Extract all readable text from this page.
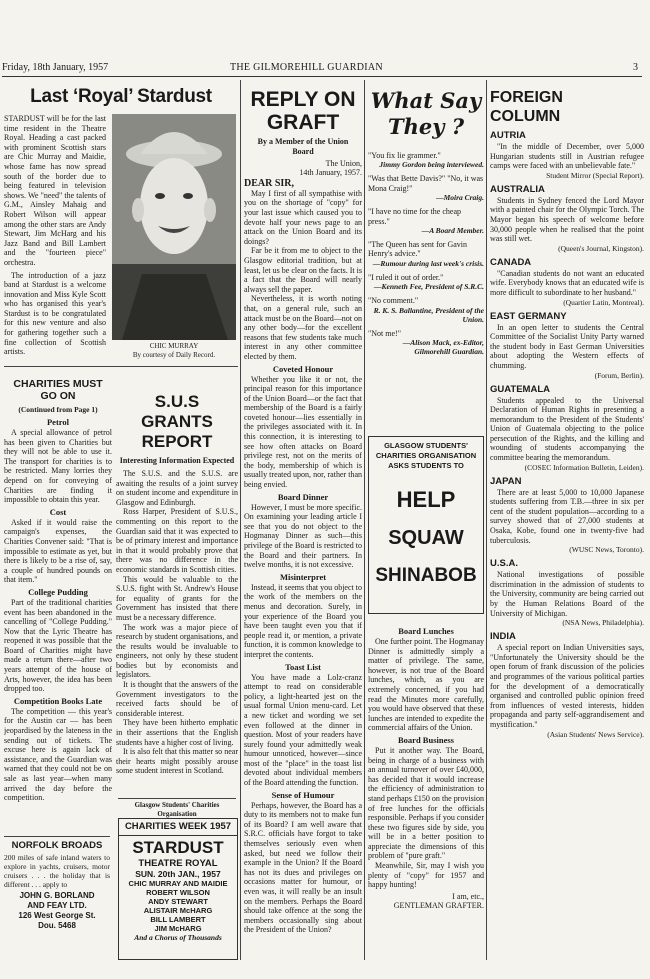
Friday, 18th January, 1957	THE GILMOREHILL GUARDIAN	3
Last ‘Royal’ Stardust

STARDUST will be for the last time resident in the Theatre Royal. Heading a cast packed with prominent Scottish stars are Chic Murray and Maidie, whose fame has now spread south of the border due to being featured in television shows. We "need" the talents of G.M., Ainsley Mahaig and Robert Wilson will appear among the other stars are Andy Stewart, Jim McHarg and his Jazz Band and Bill Lambert and the "fourteen piece" orchestra.

The introduction of a jazz band at Stardust is a welcome innovation and Miss Kyle Scott who has organised this year's Stardust is to be congratulated for this new venture and also for gathering together such a fine collection of Scottish artists.

CHIC MURRAY
By courtesy of Daily Record.
CHARITIES MUST
GO ON
(Continued from Page 1)
Petrol

A special allowance of petrol has been given to Charities but they will not be able to use it. The transport for charities is to be restricted. Many lorries they depend on for conveying of Charities are finding it impossible to obtain this year.

Cost

Asked if it would raise the campaign's expenses, the Charities Convener said: "That is impossible to estimate as yet, but there is likely to be a rise of, say, a couple of hundred pounds on that item."

College Pudding

Part of the traditional charities event has been abandoned in the cancelling of "College Pudding." Now that the Lyric Theatre has reopened it was possible that the Board of Charities might have made a return there—after two years attempt of the house of Arts, however, the idea has been dropped too.

Competition Books Late

The competition — this year's for the Austin car — has been jeopardised by the lateness in the sending out of tickets. The excuse here is again lack of assistance, and the Guardian was warned that they could not be on sale as last year—when many arrived the day before the competition.

NORFOLK BROADS

200 miles of safe inland waters to explore in yachts, cruisers, motor cruisers . . . the holiday that is different . . . apply to

JOHN G. BORLAND
AND FEAY LTD.
126 West George St.
Dou. 5468
S.U.S
GRANTS
REPORT
Interesting Information Expected

The S.U.S. and the S.U.S. are awaiting the results of a joint survey on student income and expenditure in Glasgow and Edinburgh.

Ross Harper, President of S.U.S., commenting on this report to the Guardian said that it was expected to be of primary interest and importance in that it would probably prove that there was no difference in the economic standards in Scottish cities.

This would be valuable to the S.U.S. fight with St. Andrew's House for equality of grants for the Government has insisted that there must be a necessary difference.

The work was a major piece of research by student organisations, and the results would be invaluable to engineers, not only by these student bodies but by economists and legislators.

It is thought that the answers of the Government investigators to the received facts should be of considerable interest.

They have been hitherto emphatic in their assertions that the English students have a higher cost of living.

It is also felt that this matter so near their hearts might possibly arouse some student interest in Scotland.

Glasgow Students' Charities Organisation
CHARITIES WEEK 1957
STARDUST
THEATRE ROYAL
SUN. 20th JAN., 1957
CHIC MURRAY AND MAIDIE
ROBERT WILSON
ANDY STEWART
ALISTAIR McHARG
BILL LAMBERT
JIM McHARG
And a Chorus of Thousands
REPLY ON
GRAFT
By a Member of the Union Board
The Union,
14th January, 1957.
DEAR SIR,

May I first of all sympathise with you on the shortage of "copy" for your last issue which caused you to devote half your news page to an attack on the Union Board and its doings?

Far be it from me to object to the Glasgow editorial tradition, but at least, let us be clear on the facts. It is a fact that the Board will nearly always sell the paper.

Nevertheless, it is worth noting that, on a general rule, such an attack must be on the Board—not on any other body—for the excellent reasons that few students take much interest in any other committee elected by them.

Coveted Honour

Whether you like it or not, the principal reason for this importance of the Union Board—or the fact that membership of the Board is a fairly coveted honour—lies essentially in the privileges associated with it. In this connection, it is interesting to see how often attacks on Board privilege rest, not on the merits of the body, membership of which is usually treated upon, nor, rather than being envied.

Board Dinner

However, I must be more specific. On examining your leading article I see that you do not object to the Hogmanay Dinner as such—this privilege of the Board is restricted to the Board and their partners. In twelve months, it is not excessive.

Misinterpret

Instead, it seems that you object to the work of the members on the menus and decoration. Surely, in your experience of the Board you have been taught even you that if people read it, or mention, a private function, it is common knowledge to interpret the contents.

Toast List

You have made a Lolz-cranz attempt to read on considerable policy, a light-hearted jest on the usual formal Union menu-card. Let a new ticket and wording we set even followed at the dinner in question. Most of your readers have surely found your admittedly weak humour unnoticed, however—since most of the "place" in the toast list devoted about individual members of the Board attending the function.

Sense of Humour

Perhaps, however, the Board has a duty to its members not to make fun of its Board? I am well aware that S.R.C. officials have forgot to take themselves seriously even when asked, but need we follow their example in the Union? If the Board has not its dues and privileges on occasions matter for humour, or even was, it will really be an insult on the members. Perhaps the Board should take offence at the song the members occasionally sing about the President of the Union?

What Say
They ?
"You fix lie grammer."
Jimmy Gordon being interviewed.
"Was that Bette Davis?" "No, it was Mona Craig!"
—Moira Craig.
"I have no time for the cheap press."
—A Board Member.
"The Queen has sent for Gavin Henry's advice."
—Rumour during last week's crisis.
"I ruled it out of order."
—Kenneth Fee, President of S.R.C.
"No comment."
R. K. S. Ballantine, President of the Union.
"Not me!"
—Alison Mack, ex-Editor, Gilmorehill Guardian.
GLASGOW STUDENTS'
CHARITIES ORGANISATION
ASKS STUDENTS TO
HELP
SQUAW
SHINABOB
Board Lunches

One further point. The Hogmanay Dinner is admittedly simply a matter of privilege. The same, however, is not true of the Board lunches, which, as you are extremely concerned, if you had read the Minutes more carefully, you would have observed that these lunches are intended to expedite the commercial affairs of the Union.

Board Business

Put it another way. The Board, being in charge of a business with an annual turnover of over £40,000, has decided that it would increase the efficiency of administration to stand perhaps £150 on the provision of free lunches for the officials responsible. Perhaps if you consider these two figures side by side, you will be in a better position to appreciate the dimensions of this problem of "pure graft."

Meanwhile, Sir, may I wish you plenty of "copy" for 1957 and happy hunting!

I am, etc.,
GENTLEMAN GRAFTER.
FOREIGN
COLUMN
AUTRIA

"In the middle of December, over 5,000 Hungarian students still in Austrian refugee camps were faced with an unbelievable fate."

Student Mirror (Special Report).
AUSTRALIA

Students in Sydney fenced the Lord Mayor with a painted chair for the Olympic Torch. The Mayor began his speech of welcome before 30,000 people when he realised that the point was still wet.

(Queen's Journal, Kingston).
CANADA

"Canadian students do not want an educated wife. Everybody knows that an educated wife is more difficult to subordinate to her husband."

(Quartier Latin, Montreal).
EAST GERMANY

In an open letter to students the Central Committee of the Socialist Unity Party warned the student body in East German Universities about adopting the Western effects of chumming.

(Forum, Berlin).
GUATEMALA

Students appealed to the Universal Declaration of Human Rights in presenting a memorandum to the President of the Students' Union of Guatemala objecting to the police persecution of the Rights, and the killing and wounding of students accompanying the committee bearing the memorandum.

(COSEC Information Bulletin, Leiden).
JAPAN

There are at least 5,000 to 10,000 Japanese students suffering from T.B.—three in six per cent of the student population—according to a survey showed that of 27,000 students at Osaka, Kobe, found one in twenty-five had tuberculosis.

(WUSC News, Toronto).
U.S.A.

National investigations of possible discrimination in the admission of students to the University, community are being carried out by the Human Relations Board of the University of Michigan.

(NSA News, Philadelphia).
INDIA

A special report on Indian Universities says, "Unfortunately the University should be the open forum of frank discussion of the policies and programmes of the various political parties for the development of a democratically organised and controlled public opinion freed from influences of vested interests, hidden propaganda and party self-aggrandisement and mystification."

(Asian Students' News Service).
